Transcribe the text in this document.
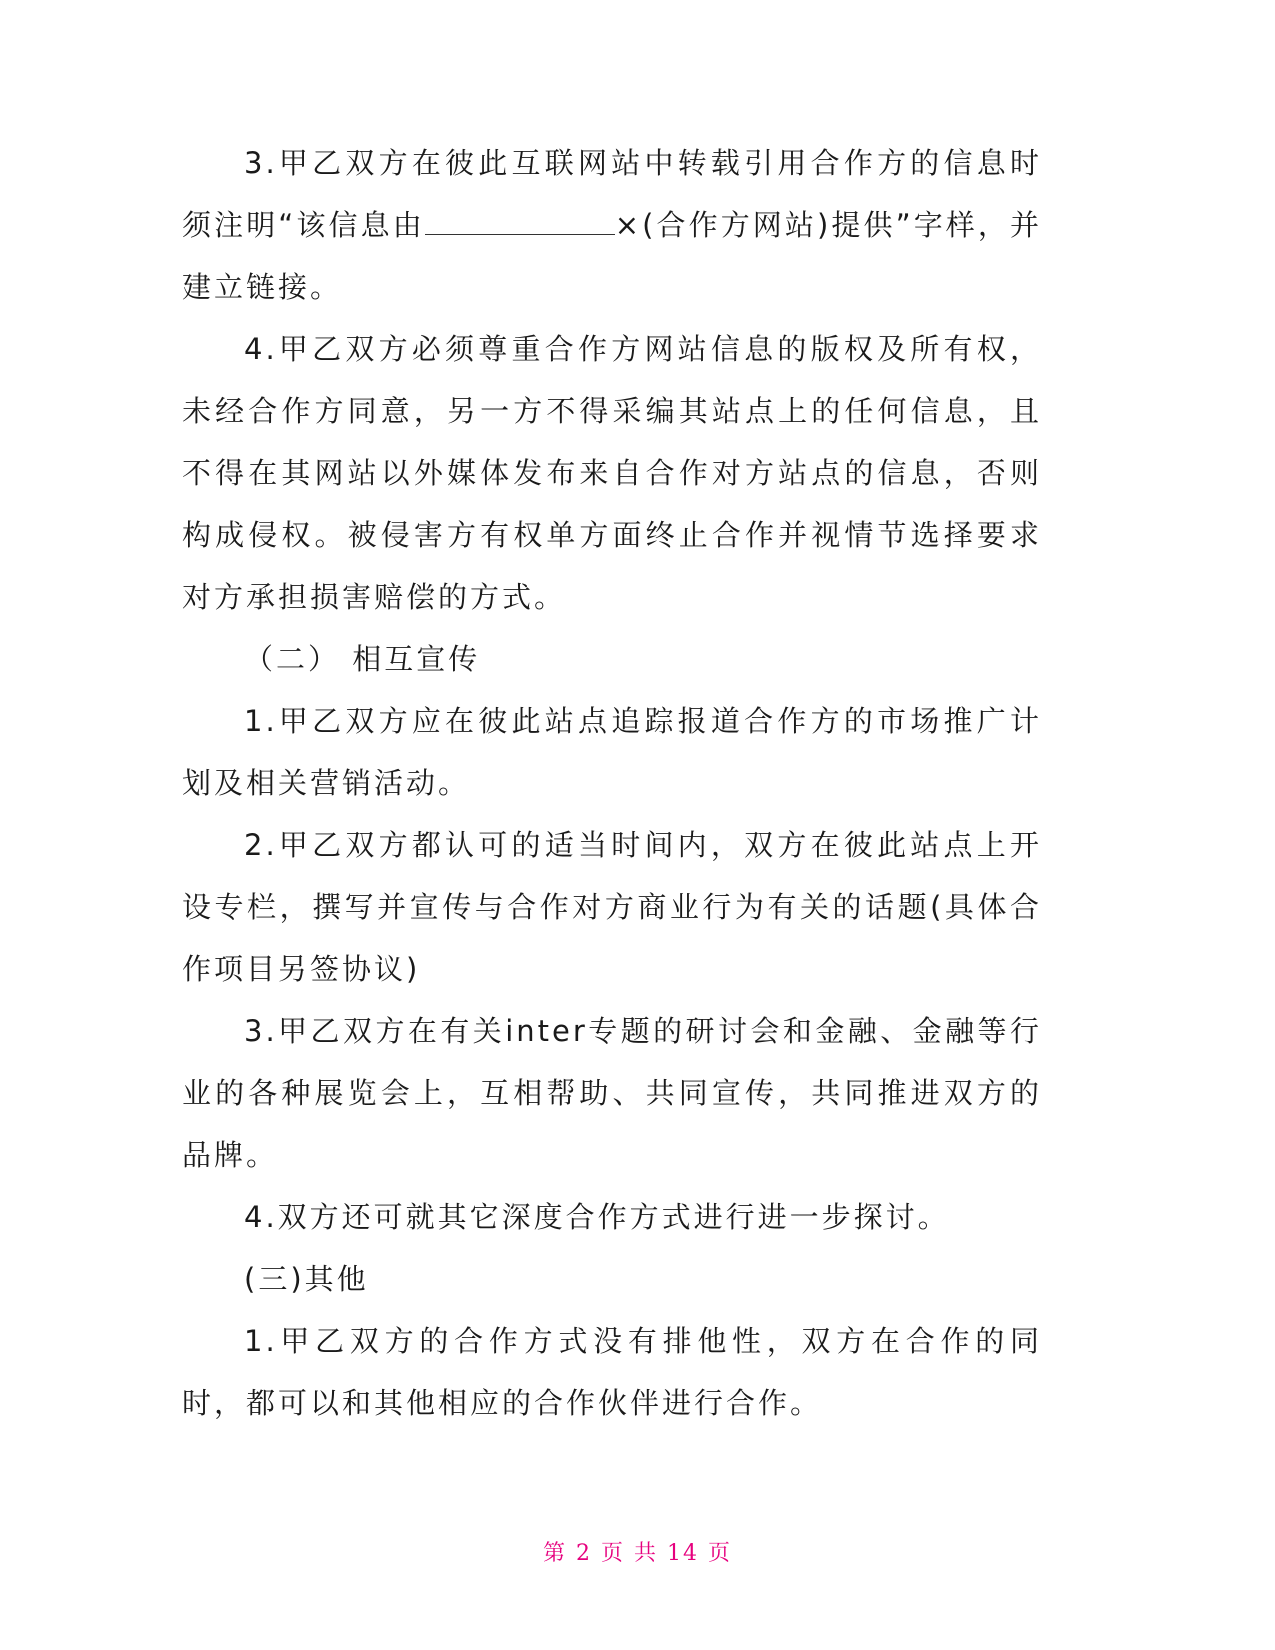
3.甲乙双方在彼此互联网站中转载引用合作方的信息时须注明“该信息由	×(合作方网站)提供”字样，并建立链接。

4.甲乙双方必须尊重合作方网站信息的版权及所有权，未经合作方同意，另一方不得采编其站点上的任何信息，且不得在其网站以外媒体发布来自合作对方站点的信息，否则构成侵权。被侵害方有权单方面终止合作并视情节选择要求对方承担损害赔偿的方式。

（二） 相互宣传

1.甲乙双方应在彼此站点追踪报道合作方的市场推广计划及相关营销活动。

2.甲乙双方都认可的适当时间内，双方在彼此站点上开设专栏，撰写并宣传与合作对方商业行为有关的话题(具体合作项目另签协议)

3.甲乙双方在有关inter专题的研讨会和金融、金融等行业的各种展览会上，互相帮助、共同宣传，共同推进双方的品牌。

4.双方还可就其它深度合作方式进行进一步探讨。

(三)其他

1.甲乙双方的合作方式没有排他性，双方在合作的同时，都可以和其他相应的合作伙伴进行合作。

第 2 页 共 14 页
